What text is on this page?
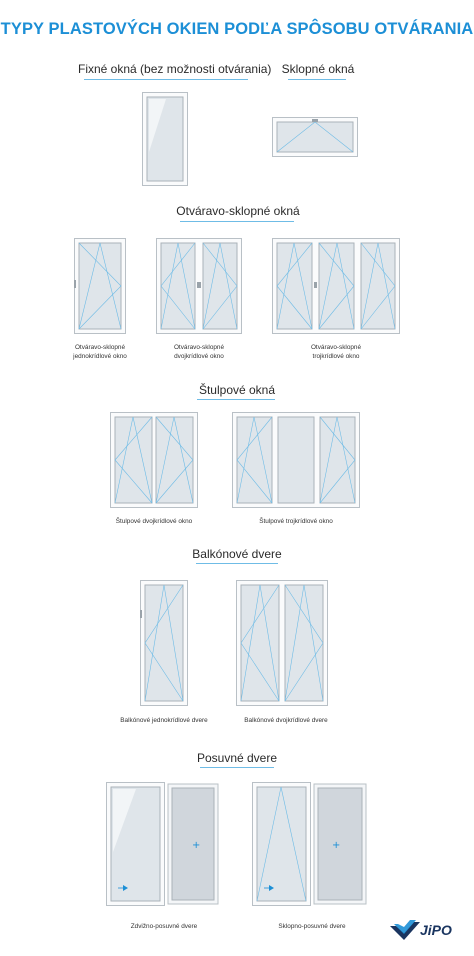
TYPY PLASTOVÝCH OKIEN PODĽA SPÔSOBU OTVÁRANIA
Fixné okná (bez možnosti otvárania) Sklopné okná
Otváravo-sklopné okná
Otváravo-sklopné
jednokrídlové okno
Otváravo-sklopné
dvojkrídlové okno
Otváravo-sklopné
trojkrídlové okno
Štulpové okná
Štulpové dvojkrídlové okno	Štulpové trojkrídlové okno
Balkónové dvere
Balkónové jednokrídlové dvere	Balkónové dvojkrídlové dvere
Posuvné dvere
+
Zdvižno-posuvné dvere
+
Sklopno-posuvné dvere	JiPO
